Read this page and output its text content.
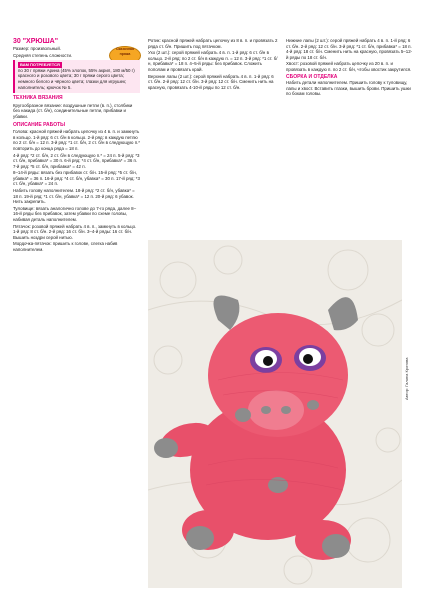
Сказочная
пряжа
30 "ХРЮША"

Размер: произвольный.

Средняя степень сложности.

ВАМ ПОТРЕБУЕТСЯ

по 30 г пряжи Арина (45% хлопок, 55% акрил, 180 м/50 г) красного и розового цвета; 30 г пряжи серого цвета; немного белого и чёрного цвета; глазки для игрушек; наполнитель; крючок № 5.

ТЕХНИКА ВЯЗАНИЯ

Кругообразное вязание: воздушные петли (в. п.), столбики без накида (ст. б/н), соединительные петли, прибавки и убавки.

ОПИСАНИЕ РАБОТЫ

Голова: красной пряжей набрать цепочку из 4 в. п. и замкнуть в кольцо. 1-й ряд: 6 ст. б/н в кольцо. 2-й ряд: в каждую петлю по 2 ст. б/н = 12 п. 3-й ряд: *1 ст. б/н, 2 ст. б/н в следующую п.* повторить до конца ряда = 18 п.

4-й ряд: *2 ст. б/н, 2 ст. б/н в следующую п.* = 24 п. 5-й ряд: *3 ст. б/н, прибавка* = 30 п. 6-й ряд: *4 ст. б/н, прибавка* = 36 п. 7-й ряд: *5 ст. б/н, прибавка* = 42 п.

8–14-й ряды: вязать без прибавок ст. б/н. 15-й ряд: *5 ст. б/н, убавка* = 36 п. 16-й ряд: *4 ст. б/н, убавка* = 30 п. 17-й ряд: *3 ст. б/н, убавка* = 24 п.

Набить голову наполнителем. 18-й ряд: *2 ст. б/н, убавка* = 18 п. 19-й ряд: *1 ст. б/н, убавка* = 12 п. 20-й ряд: 6 убавок. Нить закрепить.

Туловище: вязать аналогично голове до 7-го ряда, далее 8–16-й ряды без прибавок, затем убавки по схеме головы, набивая деталь наполнителем.

Пятачок: розовой пряжей набрать 4 в. п., замкнуть в кольцо. 1-й ряд: 8 ст. б/н. 2-й ряд: 16 ст. б/н. 3–4-й ряды: 16 ст. б/н. Вышить ноздри серой нитью.

Мордочка-пятачок: пришить к голове, слегка набив наполнителем.

Ротик: красной пряжей набрать цепочку из 8 в. п. и провязать 2 ряда ст. б/н. Пришить под пятачком.

Ухо (2 шт.): серой пряжей набрать 4 в. п. 1-й ряд: 6 ст. б/н в кольцо. 2-й ряд: по 2 ст. б/н в каждую п. = 12 п. 3-й ряд: *1 ст. б/н, прибавка* = 18 п. 4–5-й ряды: без прибавок. Сложить пополам и провязать край.

Верхние лапы (2 шт.): серой пряжей набрать 4 в. п. 1-й ряд: 6 ст. б/н. 2-й ряд: 12 ст. б/н. 3-й ряд: 12 ст. б/н. Сменить нить на красную, провязать 4-10-й ряды по 12 ст. б/н.

Нижние лапы (2 шт.): серой пряжей набрать 4 в. п. 1-й ряд: 6 ст. б/н. 2-й ряд: 12 ст. б/н. 3-й ряд: *1 ст. б/н, прибавка* = 18 п. 4-й ряд: 18 ст. б/н. Сменить нить на красную, провязать 5–12-й ряды по 18 ст. б/н.

Хвост: розовой пряжей набрать цепочку из 20 в. п. и провязать в каждую п. по 2 ст. б/н, чтобы хвостик закрутился.

СБОРКА И ОТДЕЛКА

Набить детали наполнителем. Пришить голову к туловищу, лапы и хвост. Вставить глазки, вышить брови. Пришить ушки по бокам головы.

Автор: Галина Кротова
